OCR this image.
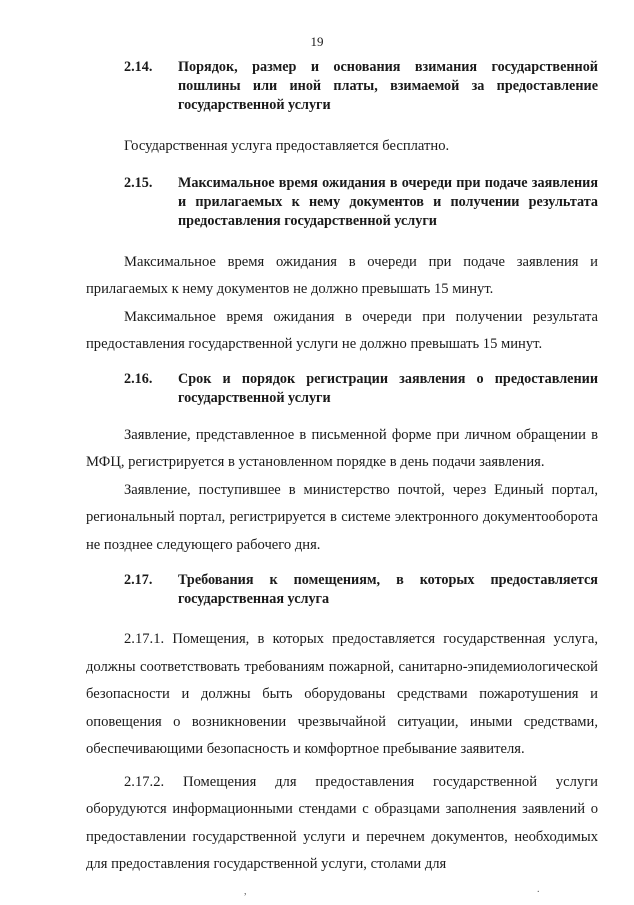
19
2.14.	Порядок, размер и основания взимания государственной пошлины или иной платы, взимаемой за предоставление государственной услуги

Государственная услуга предоставляется бесплатно.

2.15.	Максимальное время ожидания в очереди при подаче заявления и прилагаемых к нему документов и получении результата предоставления государственной услуги

Максимальное время ожидания в очереди при подаче заявления и прилагаемых к нему документов не должно превышать 15 минут.

Максимальное время ожидания в очереди при получении результата предоставления государственной услуги не должно превышать 15 минут.

2.16.	Срок и порядок регистрации заявления о предоставлении государственной услуги

Заявление, представленное в письменной форме при личном обращении в МФЦ, регистрируется в установленном порядке в день подачи заявления.

Заявление, поступившее в министерство почтой, через Единый портал, региональный портал, регистрируется в системе электронного документооборота не позднее следующего рабочего дня.

2.17.	Требования к помещениям, в которых предоставляется государственная услуга

2.17.1. Помещения, в которых предоставляется государственная услуга, должны соответствовать требованиям пожарной, санитарно-эпидемиологической безопасности и должны быть оборудованы средствами пожаротушения и оповещения о возникновении чрезвычайной ситуации, иными средствами, обеспечивающими безопасность и комфортное пребывание заявителя.

2.17.2. Помещения для предоставления государственной услуги оборудуются информационными стендами с образцами заполнения заявлений о предоставлении государственной услуги и перечнем документов, необходимых для предоставления государственной услуги, столами для

,	.
